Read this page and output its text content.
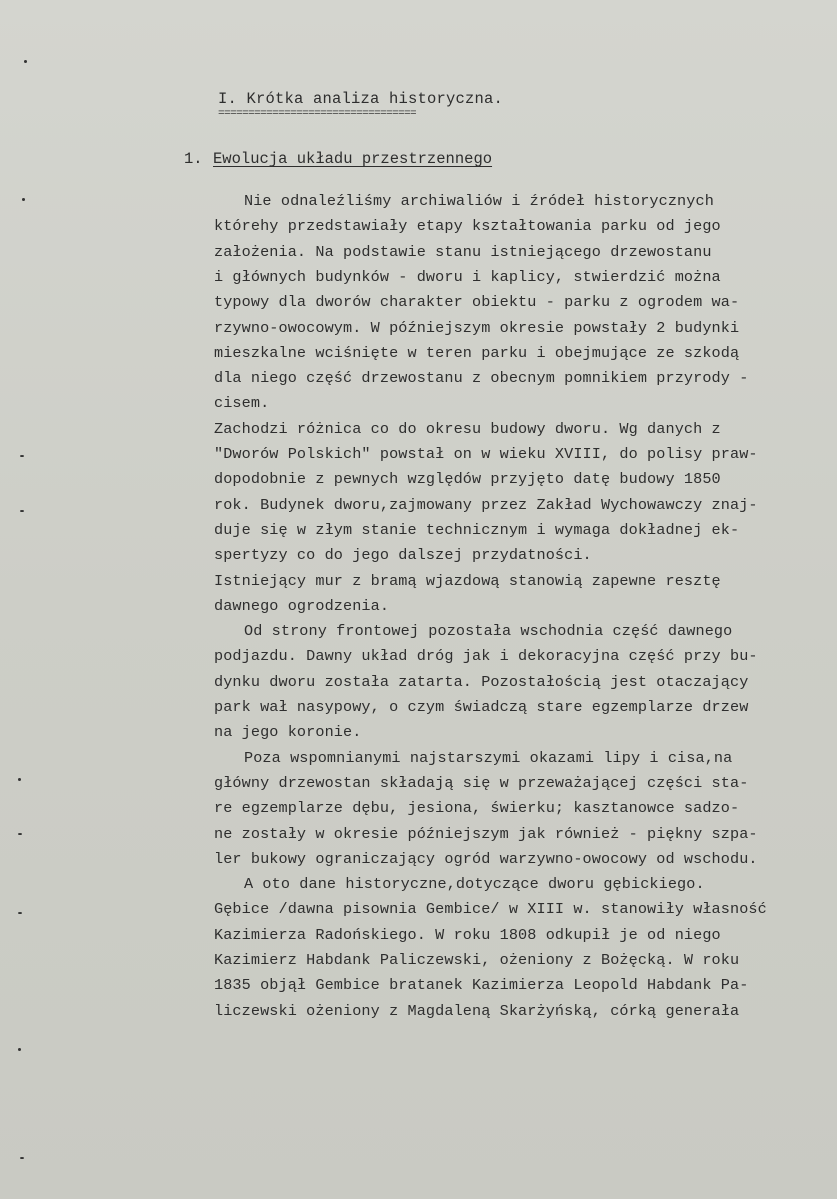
I. Krótka analiza historyczna.
=================================
1. Ewolucja układu przestrzennego
Nie odnaleźliśmy archiwaliów i źródeł historycznych
którehy przedstawiały etapy kształtowania parku od jego
założenia. Na podstawie stanu istniejącego drzewostanu
i głównych budynków - dworu i kaplicy, stwierdzić można
typowy dla dworów charakter obiektu - parku z ogrodem wa-
rzywno-owocowym. W późniejszym okresie powstały 2 budynki
mieszkalne wciśnięte w teren parku i obejmujące ze szkodą
dla niego część drzewostanu z obecnym pomnikiem przyrody -
cisem.
Zachodzi różnica co do okresu budowy dworu. Wg danych z
"Dworów Polskich" powstał on w wieku XVIII, do polisy praw-
dopodobnie z pewnych względów przyjęto datę budowy 1850
rok. Budynek dworu,zajmowany przez Zakład Wychowawczy znaj-
duje się w złym stanie technicznym i wymaga dokładnej ek-
spertyzy co do jego dalszej przydatności.
Istniejący mur z bramą wjazdową stanowią zapewne resztę
dawnego ogrodzenia.
Od strony frontowej pozostała wschodnia część dawnego
podjazdu. Dawny układ dróg jak i dekoracyjna część przy bu-
dynku dworu została zatarta. Pozostałością jest otaczający
park wał nasypowy, o czym świadczą stare egzemplarze drzew
na jego koronie.
Poza wspomnianymi najstarszymi okazami lipy i cisa,na
główny drzewostan składają się w przeważającej części sta-
re egzemplarze dębu, jesiona, świerku; kasztanowce sadzo-
ne zostały w okresie późniejszym jak również - piękny szpa-
ler bukowy ograniczający ogród warzywno-owocowy od wschodu.
A oto dane historyczne,dotyczące dworu gębickiego.
Gębice /dawna pisownia Gembice/ w XIII w. stanowiły własność
Kazimierza Radońskiego. W roku 1808 odkupił je od niego
Kazimierz Habdank Paliczewski, ożeniony z Bożęcką. W roku
1835 objął Gembice bratanek Kazimierza Leopold Habdank Pa-
liczewski ożeniony z Magdaleną Skarżyńską, córką generała
